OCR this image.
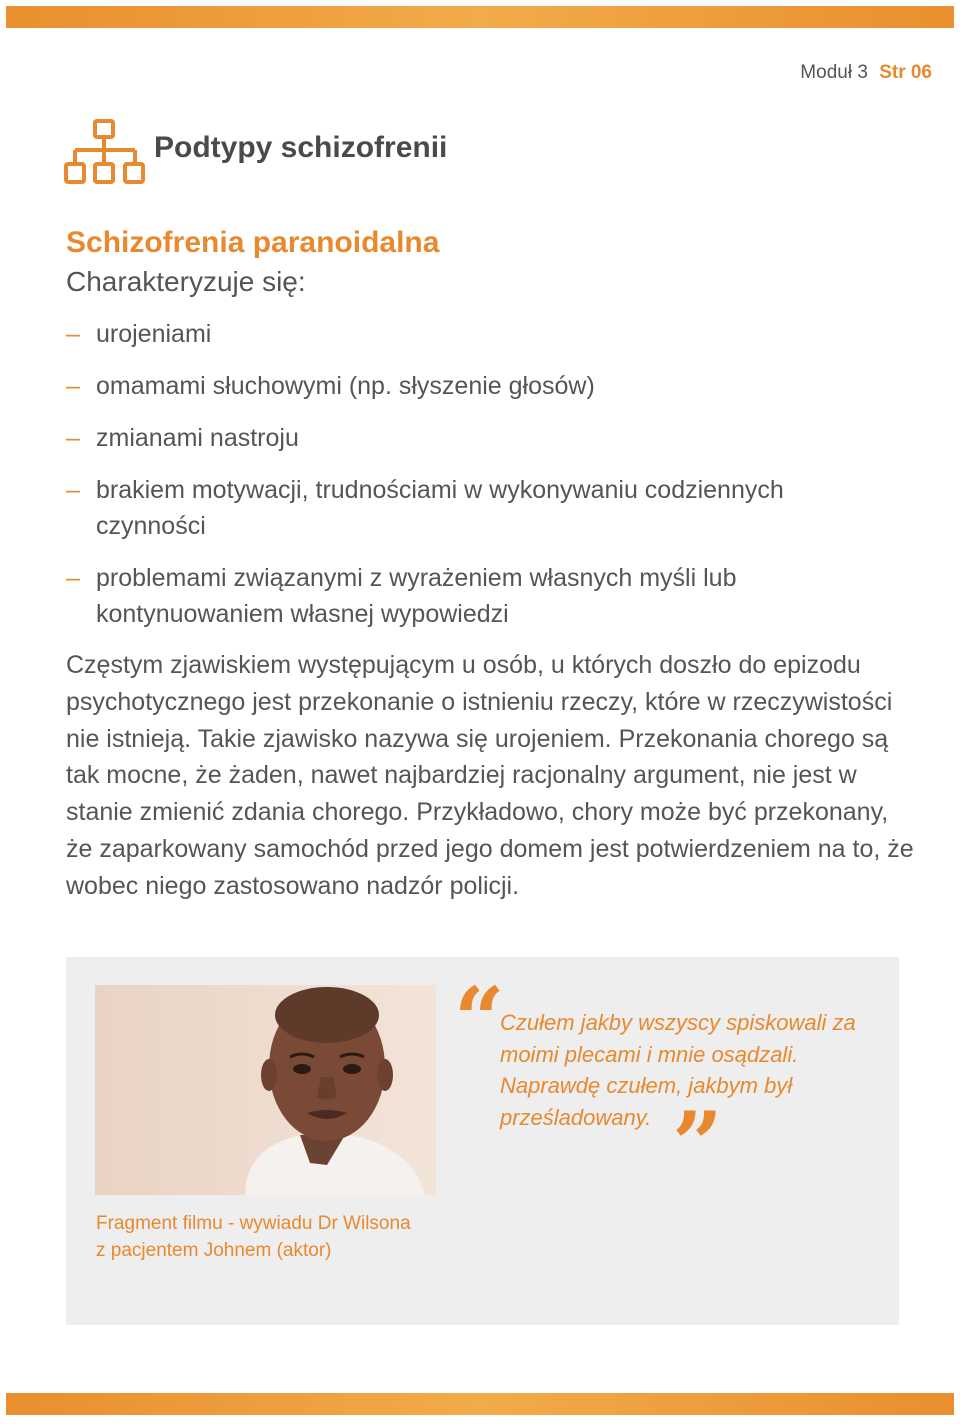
Moduł 3 Str 06
Podtypy schizofrenii
Schizofrenia paranoidalna
Charakteryzuje się:
– urojeniami
– omamami słuchowymi (np. słyszenie głosów)
– zmianami nastroju
– brakiem motywacji, trudnościami w wykonywaniu codziennych czynności
– problemami związanymi z wyrażeniem własnych myśli lub kontynuowaniem własnej wypowiedzi

Częstym zjawiskiem występującym u osób, u których doszło do epizodu psychotycznego jest przekonanie o istnieniu rzeczy, które w rzeczywistości nie istnieją. Takie zjawisko nazywa się urojeniem. Przekonania chorego są tak mocne, że żaden, nawet najbardziej racjonalny argument, nie jest w stanie zmienić zdania chorego. Przykładowo, chory może być przekonany, że zaparkowany samochód przed jego domem jest potwierdzeniem na to, że wobec niego zastosowano nadzór policji.

Fragment filmu - wywiadu Dr Wilsona
z pacjentem Johnem (aktor)
“

Czułem jakby wszyscy spiskowali za moimi plecami i mnie osądzali. Naprawdę czułem, jakbym był prześladowany. ”
